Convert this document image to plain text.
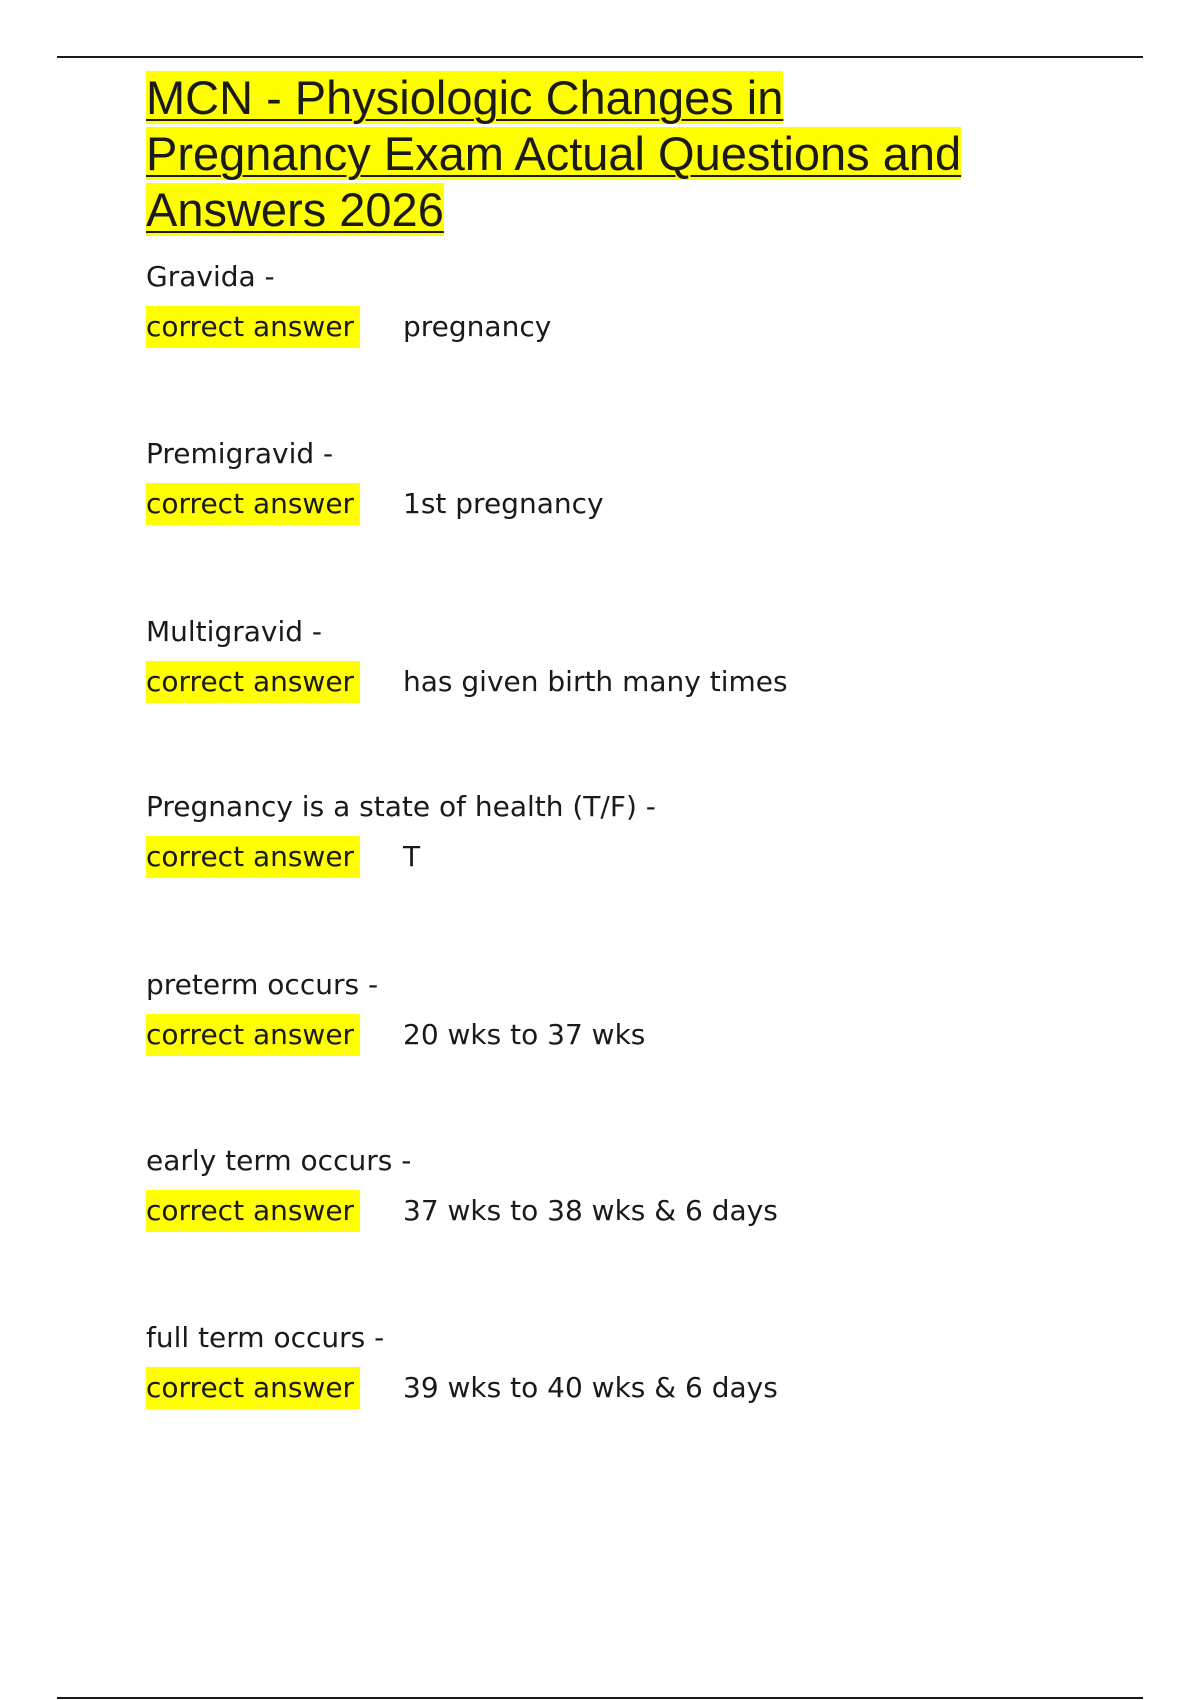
MCN - Physiologic Changes in
Pregnancy Exam Actual Questions and
Answers 2026
Gravida -
correct answer pregnancy
Premigravid -
correct answer 1st pregnancy
Multigravid -
correct answer has given birth many times
Pregnancy is a state of health (T/F) -
correct answer T
preterm occurs -
correct answer 20 wks to 37 wks
early term occurs -
correct answer 37 wks to 38 wks & 6 days
full term occurs -
correct answer 39 wks to 40 wks & 6 days
